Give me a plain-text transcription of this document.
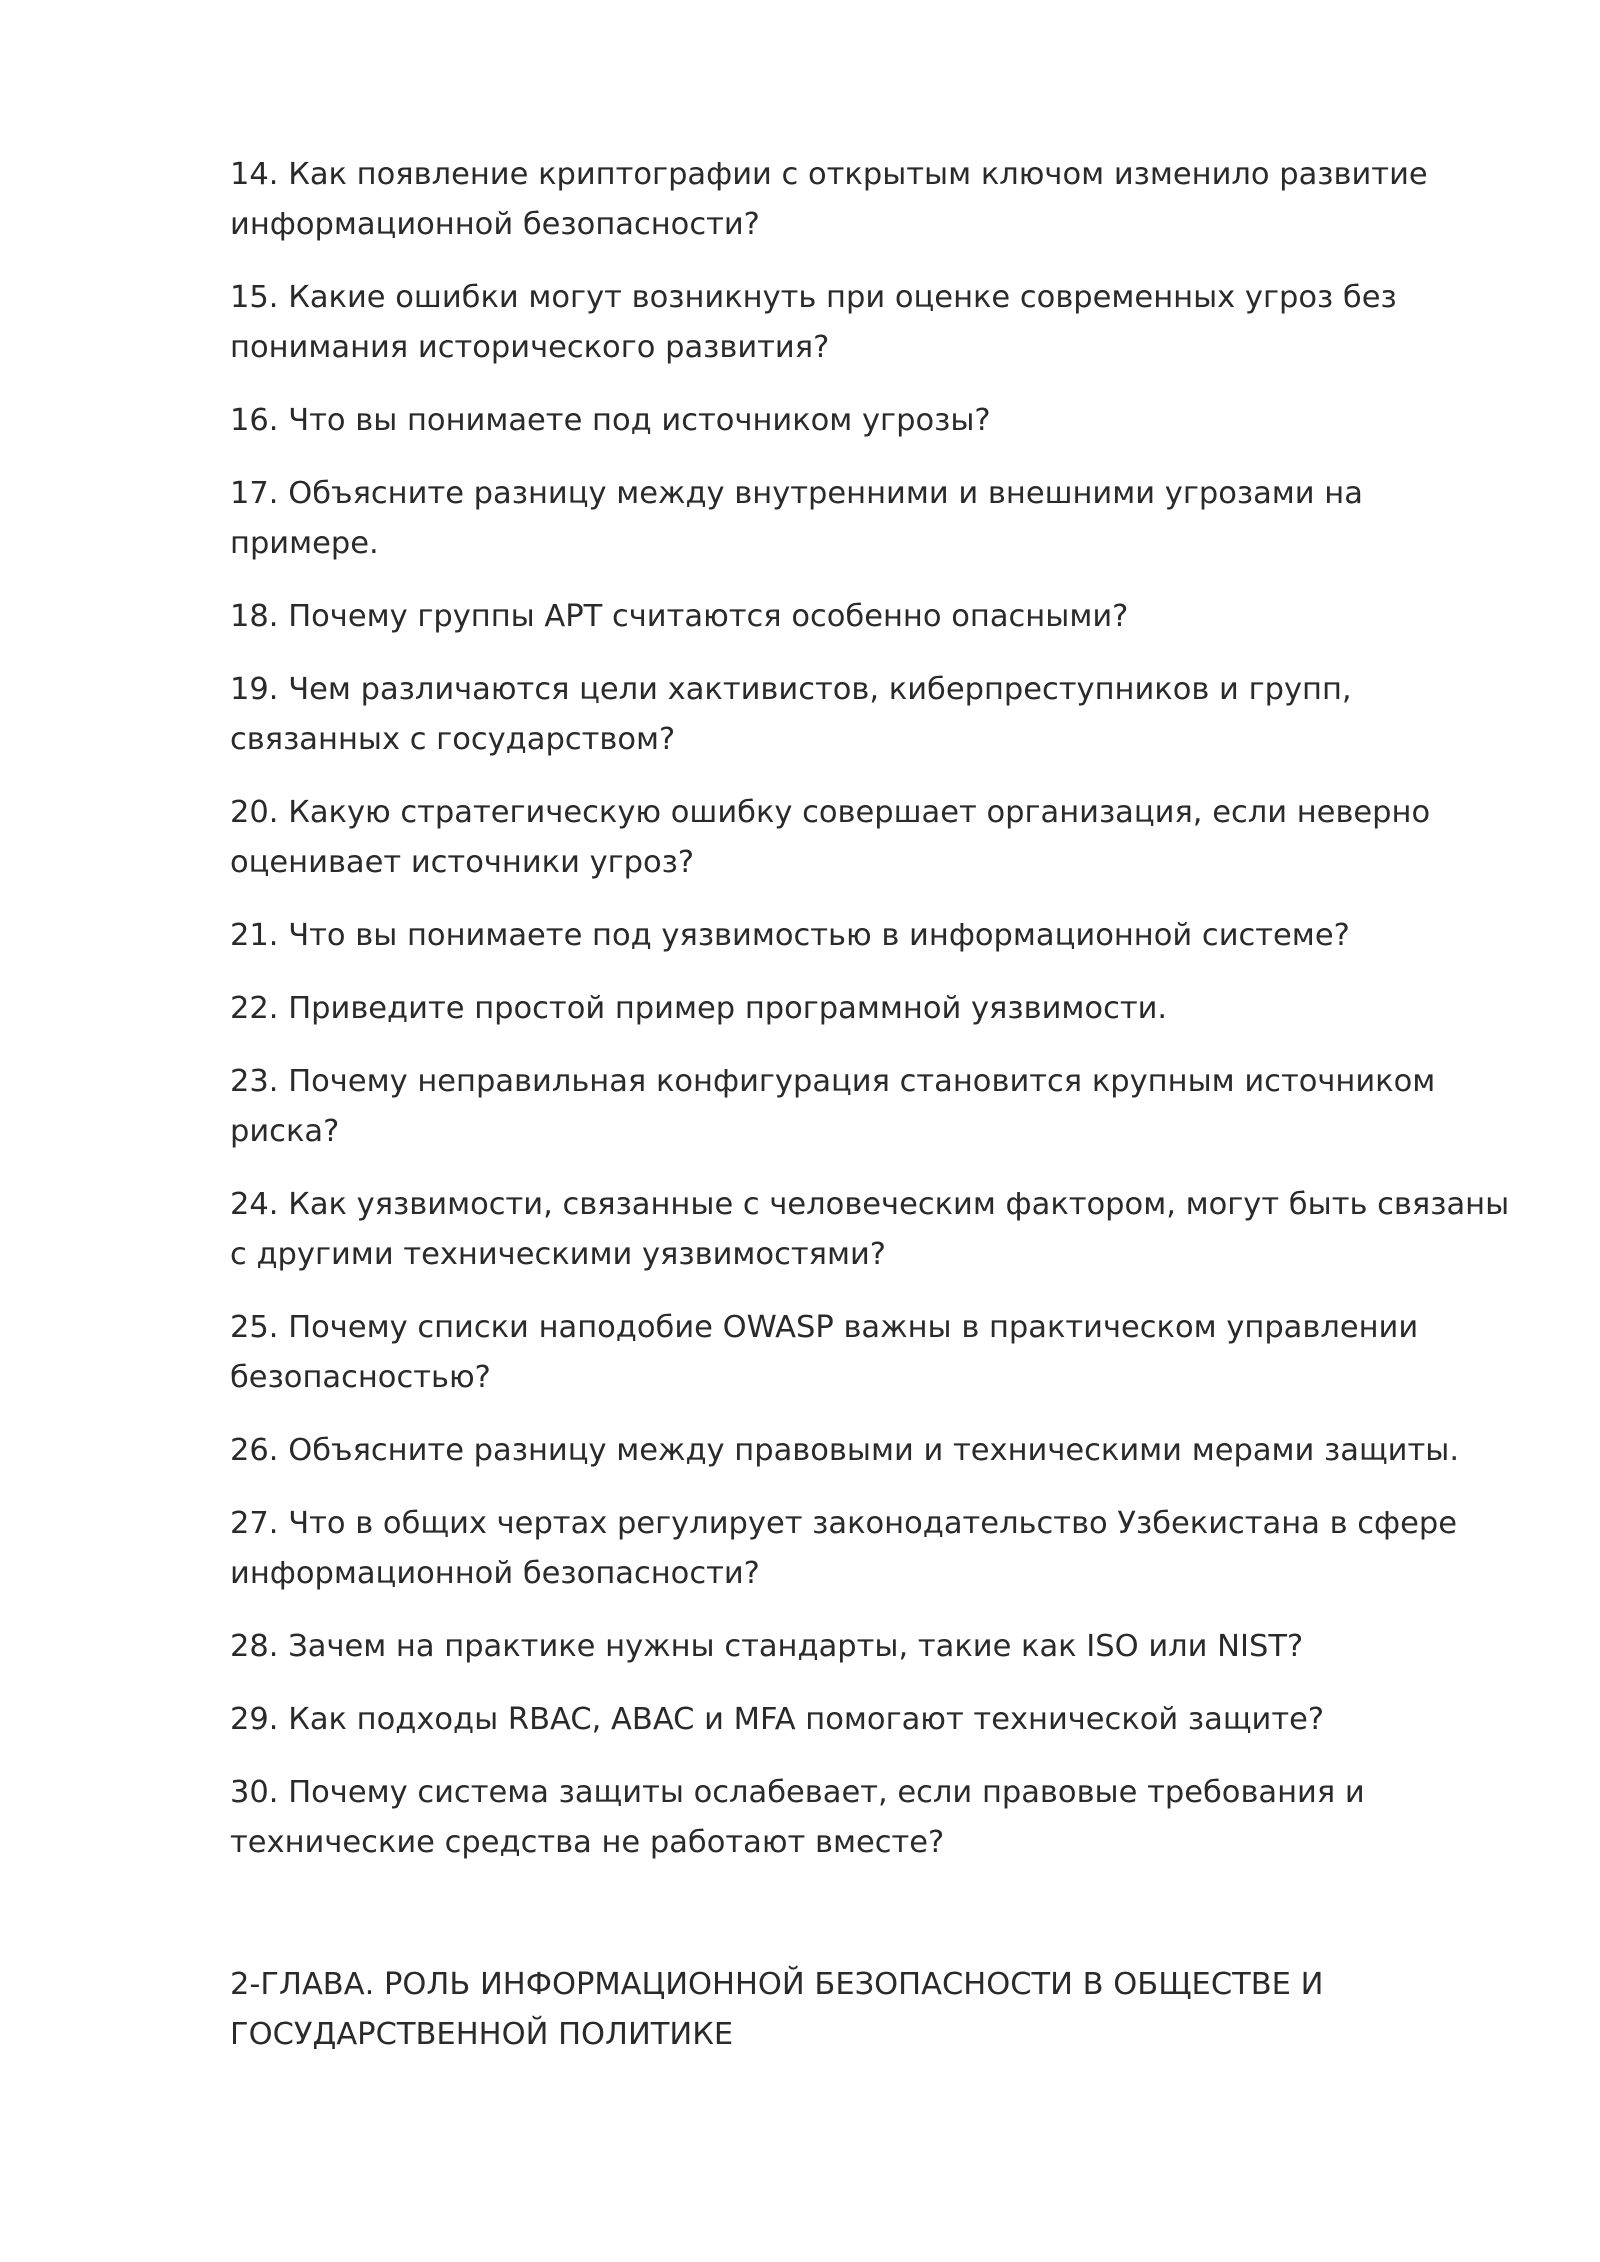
14. Как появление криптографии с открытым ключом изменило развитие информационной безопасности?
15. Какие ошибки могут возникнуть при оценке современных угроз без понимания исторического развития?
16. Что вы понимаете под источником угрозы?
17. Объясните разницу между внутренними и внешними угрозами на примере.
18. Почему группы APT считаются особенно опасными?
19. Чем различаются цели хактивистов, киберпреступников и групп, связанных с государством?
20. Какую стратегическую ошибку совершает организация, если неверно оценивает источники угроз?
21. Что вы понимаете под уязвимостью в информационной системе?
22. Приведите простой пример программной уязвимости.
23. Почему неправильная конфигурация становится крупным источником риска?
24. Как уязвимости, связанные с человеческим фактором, могут быть связаны с другими техническими уязвимостями?
25. Почему списки наподобие OWASP важны в практическом управлении безопасностью?
26. Объясните разницу между правовыми и техническими мерами защиты.
27. Что в общих чертах регулирует законодательство Узбекистана в сфере информационной безопасности?
28. Зачем на практике нужны стандарты, такие как ISO или NIST?
29. Как подходы RBAC, ABAC и MFA помогают технической защите?
30. Почему система защиты ослабевает, если правовые требования и технические средства не работают вместе?
2-ГЛАВА. РОЛЬ ИНФОРМАЦИОННОЙ БЕЗОПАСНОСТИ В ОБЩЕСТВЕ И ГОСУДАРСТВЕННОЙ ПОЛИТИКЕ
